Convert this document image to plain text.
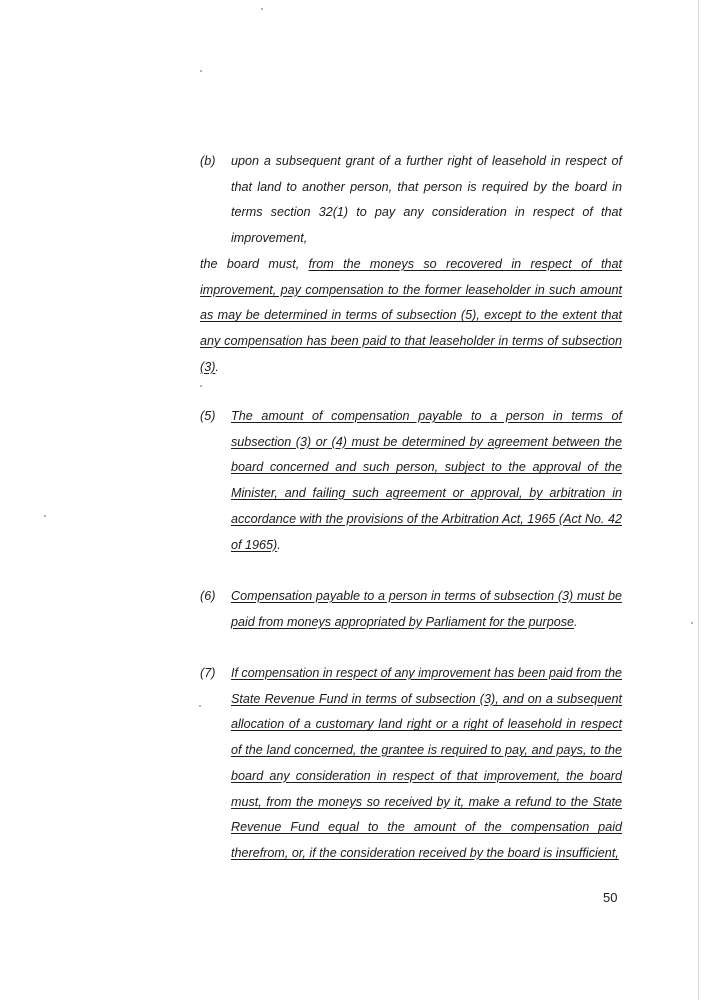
(b) upon a subsequent grant of a further right of leasehold in respect of
that land to another person, that person is required by the board in
terms section 32(1) to pay any consideration in respect of that
improvement,
the board must, from the moneys so recovered in respect of that
improvement, pay compensation to the former leaseholder in such amount
as may be determined in terms of subsection (5), except to the extent that
any compensation has been paid to that leaseholder in terms of subsection
(3).
(5) The amount of compensation payable to a person in terms of
subsection (3) or (4) must be determined by agreement between the
board concerned and such person, subject to the approval of the
Minister, and failing such agreement or approval, by arbitration in
accordance with the provisions of the Arbitration Act, 1965 (Act No. 42
of 1965).
(6) Compensation payable to a person in terms of subsection (3) must be
paid from moneys appropriated by Parliament for the purpose.
(7) If compensation in respect of any improvement has been paid from the
State Revenue Fund in terms of subsection (3), and on a subsequent
allocation of a customary land right or a right of leasehold in respect
of the land concerned, the grantee is required to pay, and pays, to the
board any consideration in respect of that improvement, the board
must, from the moneys so received by it, make a refund to the State
Revenue Fund equal to the amount of the compensation paid
therefrom, or, if the consideration received by the board is insufficient,
50
